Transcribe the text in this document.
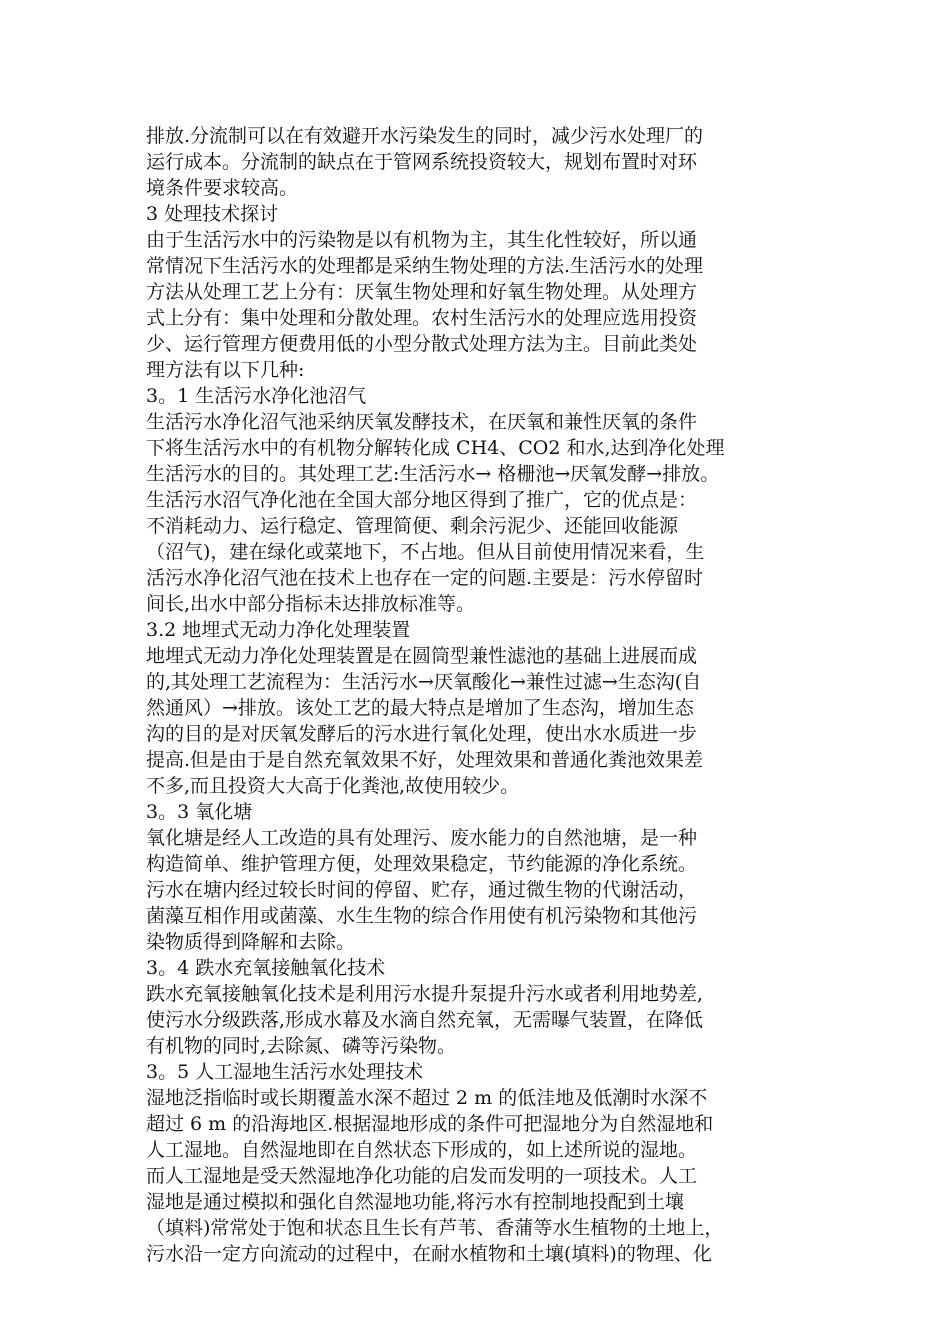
排放.分流制可以在有效避开水污染发生的同时，减少污水处理厂的
运行成本。分流制的缺点在于管网系统投资较大，规划布置时对环
境条件要求较高。
3 处理技术探讨
由于生活污水中的污染物是以有机物为主，其生化性较好，所以通
常情况下生活污水的处理都是采纳生物处理的方法.生活污水的处理
方法从处理工艺上分有：厌氧生物处理和好氧生物处理。从处理方
式上分有：集中处理和分散处理。农村生活污水的处理应选用投资
少、运行管理方便费用低的小型分散式处理方法为主。目前此类处
理方法有以下几种:
3。1 生活污水净化池沼气
生活污水净化沼气池采纳厌氧发酵技术，在厌氧和兼性厌氧的条件
下将生活污水中的有机物分解转化成 CH4、CO2 和水,达到净化处理
生活污水的目的。其处理工艺:生活污水→ 格栅池→厌氧发酵→排放。
生活污水沼气净化池在全国大部分地区得到了推广，它的优点是：
不消耗动力、运行稳定、管理简便、剩余污泥少、还能回收能源
（沼气)，建在绿化或菜地下，不占地。但从目前使用情况来看，生
活污水净化沼气池在技术上也存在一定的问题.主要是：污水停留时
间长,出水中部分指标未达排放标准等。
3.2 地埋式无动力净化处理装置
地埋式无动力净化处理装置是在圆筒型兼性滤池的基础上进展而成
的,其处理工艺流程为：生活污水→厌氧酸化→兼性过滤→生态沟(自
然通风）→排放。该处工艺的最大特点是增加了生态沟，增加生态
沟的目的是对厌氧发酵后的污水进行氧化处理，使出水水质进一步
提高.但是由于是自然充氧效果不好，处理效果和普通化粪池效果差
不多,而且投资大大高于化粪池,故使用较少。
3。3 氧化塘
氧化塘是经人工改造的具有处理污、废水能力的自然池塘，是一种
构造简单、维护管理方便，处理效果稳定，节约能源的净化系统。
污水在塘内经过较长时间的停留、贮存，通过微生物的代谢活动，
菌藻互相作用或菌藻、水生生物的综合作用使有机污染物和其他污
染物质得到降解和去除。
3。4 跌水充氧接触氧化技术
跌水充氧接触氧化技术是利用污水提升泵提升污水或者利用地势差,
使污水分级跌落,形成水幕及水滴自然充氧，无需曝气装置，在降低
有机物的同时,去除氮、磷等污染物。
3。5 人工湿地生活污水处理技术
湿地泛指临时或长期覆盖水深不超过 2 m 的低洼地及低潮时水深不
超过 6 m 的沿海地区.根据湿地形成的条件可把湿地分为自然湿地和
人工湿地。自然湿地即在自然状态下形成的，如上述所说的湿地。
而人工湿地是受天然湿地净化功能的启发而发明的一项技术。人工
湿地是通过模拟和强化自然湿地功能,将污水有控制地投配到土壤
（填料)常常处于饱和状态且生长有芦苇、香蒲等水生植物的土地上，
污水沿一定方向流动的过程中，在耐水植物和土壤(填料)的物理、化
